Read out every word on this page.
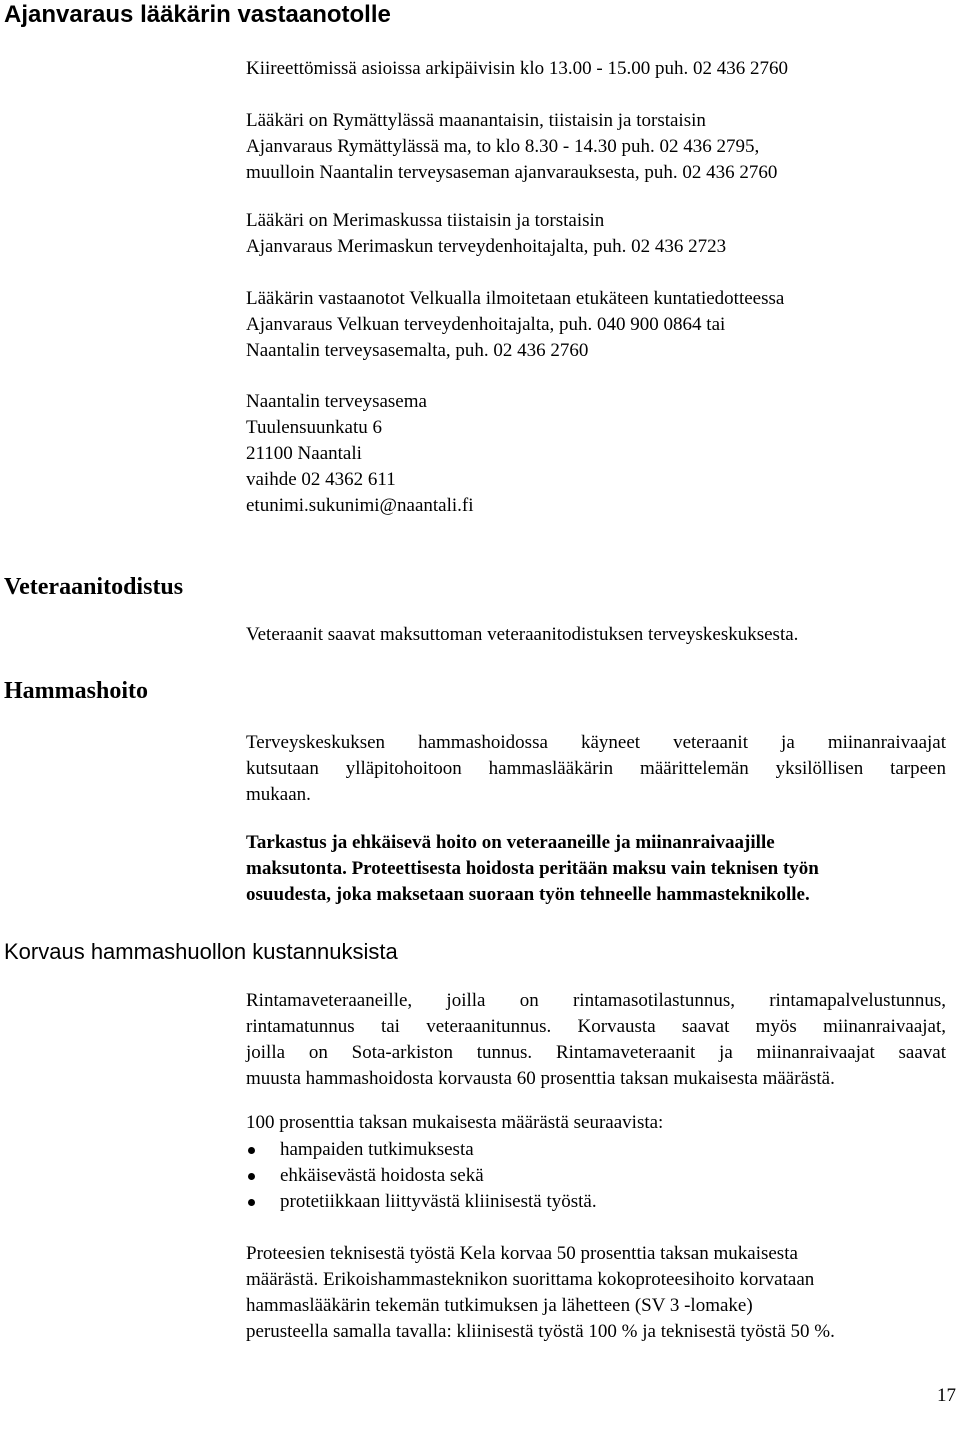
Ajanvaraus lääkärin vastaanotolle
Kiireettömissä asioissa arkipäivisin klo 13.00 - 15.00 puh. 02 436 2760
Lääkäri on Rymättylässä maanantaisin, tiistaisin ja torstaisin
Ajanvaraus Rymättylässä ma, to klo 8.30 - 14.30 puh. 02 436 2795,
muulloin Naantalin terveysaseman ajanvarauksesta, puh. 02 436 2760
Lääkäri on Merimaskussa tiistaisin ja torstaisin
Ajanvaraus Merimaskun terveydenhoitajalta, puh. 02 436 2723
Lääkärin vastaanotot Velkualla ilmoitetaan etukäteen kuntatiedotteessa
Ajanvaraus Velkuan terveydenhoitajalta, puh. 040 900 0864 tai
Naantalin terveysasemalta, puh. 02 436 2760
Naantalin terveysasema
Tuulensuunkatu 6
21100 Naantali
vaihde 02 4362 611
etunimi.sukunimi@naantali.fi
Veteraanitodistus
Veteraanit saavat maksuttoman veteraanitodistuksen terveyskeskuksesta.
Hammashoito
Terveyskeskuksen hammashoidossa käyneet veteraanit ja miinanraivaajat
kutsutaan ylläpitohoitoon hammaslääkärin määrittelemän yksilöllisen tarpeen
mukaan.
Tarkastus ja ehkäisevä hoito on veteraaneille ja miinanraivaajille
maksutonta. Proteettisesta hoidosta peritään maksu vain teknisen työn
osuudesta, joka maksetaan suoraan työn tehneelle hammasteknikolle.
Korvaus hammashuollon kustannuksista
Rintamaveteraaneille, joilla on rintamasotilastunnus, rintamapalvelustunnus,
rintamatunnus tai veteraanitunnus. Korvausta saavat myös miinanraivaajat,
joilla on Sota-arkiston tunnus. Rintamaveteraanit ja miinanraivaajat saavat
muusta hammashoidosta korvausta 60 prosenttia taksan mukaisesta määrästä.
100 prosenttia taksan mukaisesta määrästä seuraavista:
hampaiden tutkimuksesta
ehkäisevästä hoidosta sekä
protetiikkaan liittyvästä kliinisestä työstä.
Proteesien teknisestä työstä Kela korvaa 50 prosenttia taksan mukaisesta
määrästä. Erikoishammasteknikon suorittama kokoproteesihoito korvataan
hammaslääkärin tekemän tutkimuksen ja lähetteen (SV 3 -lomake)
perusteella samalla tavalla: kliinisestä työstä 100 % ja teknisestä työstä 50 %.
17
